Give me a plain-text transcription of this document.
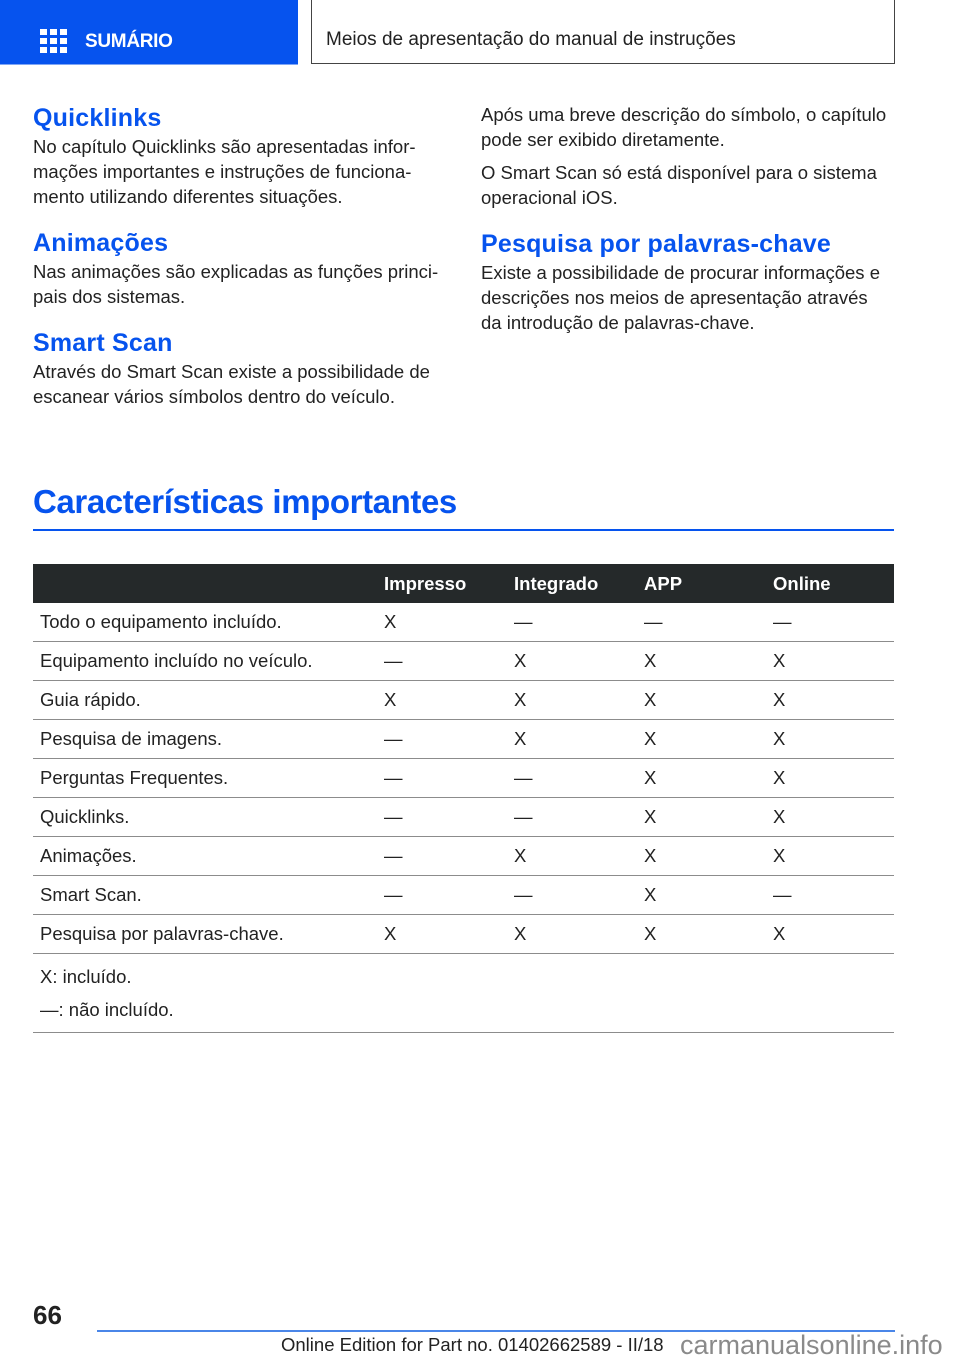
SUMÁRIO	Meios de apresentação do manual de instruções
Quicklinks

No capítulo Quicklinks são apresentadas infor‐mações importantes e instruções de funciona‐mento utilizando diferentes situações.

Animações

Nas animações são explicadas as funções princi‐pais dos sistemas.

Smart Scan

Através do Smart Scan existe a possibilidade de escanear vários símbolos dentro do veículo.

Após uma breve descrição do símbolo, o capítulo pode ser exibido diretamente.

O Smart Scan só está disponível para o sistema operacional iOS.

Pesquisa por palavras-chave

Existe a possibilidade de procurar informações e descrições nos meios de apresentação através da introdução de palavras-chave.

Características importantes
	Impresso	Integrado	APP	Online
Todo o equipamento incluído.	X	—	—	—
Equipamento incluído no veículo.	—	X	X	X
Guia rápido.	X	X	X	X
Pesquisa de imagens.	—	X	X	X
Perguntas Frequentes.	—	—	X	X
Quicklinks.	—	—	X	X
Animações.	—	X	X	X
Smart Scan.	—	—	X	—
Pesquisa por palavras-chave.	X	X	X	X

X: incluído.
—: não incluído.				
66
Online Edition for Part no. 01402662589 - II/18 carmanualsonline.info
